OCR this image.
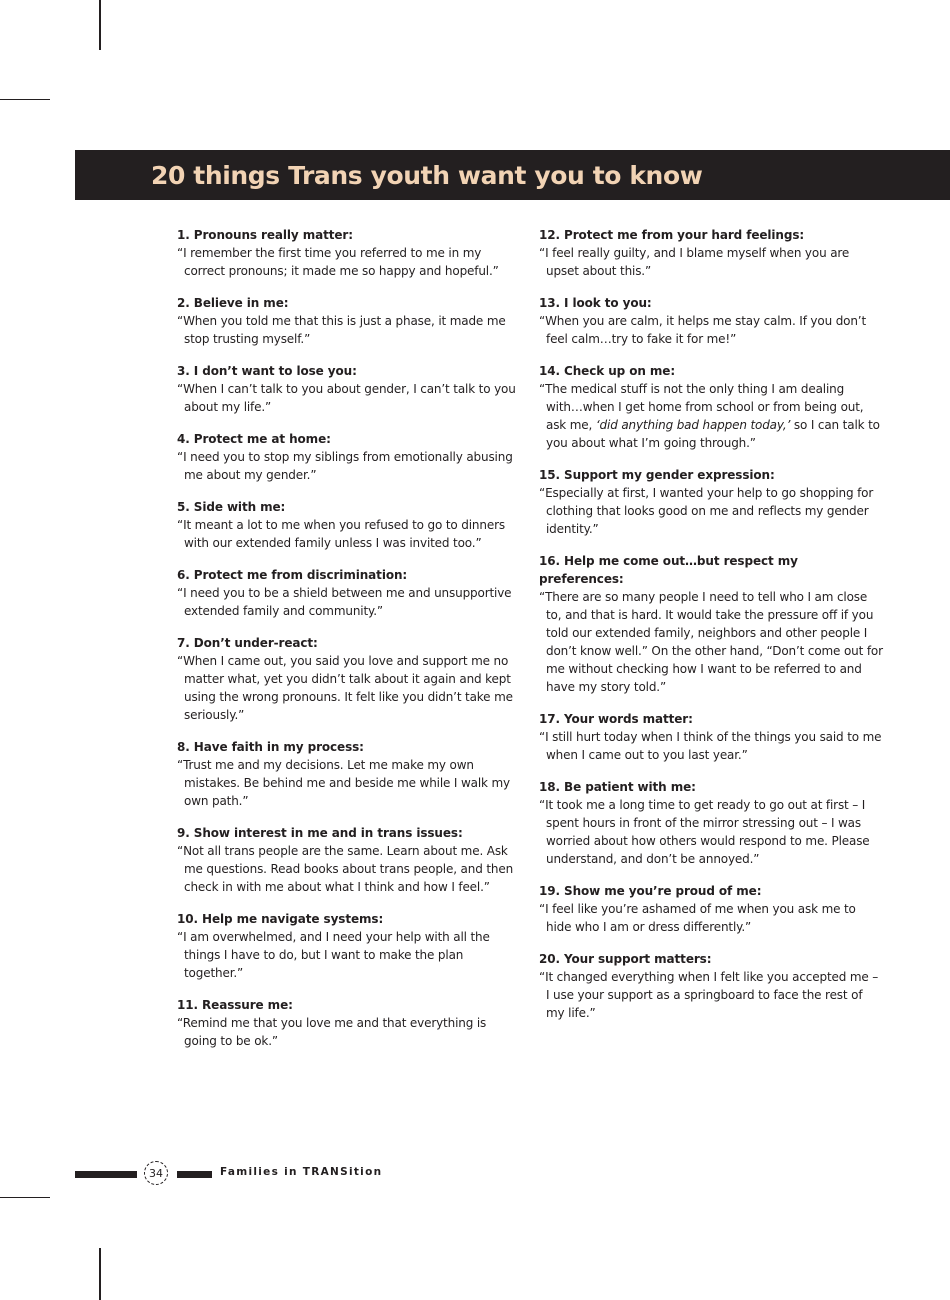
20 things Trans youth want you to know
1. Pronouns really matter:
“I remember the first time you referred to me in my correct pronouns; it made me so happy and hopeful.”
2. Believe in me:
“When you told me that this is just a phase, it made me stop trusting myself.”
3. I don’t want to lose you:
“When I can’t talk to you about gender, I can’t talk to you about my life.”
4. Protect me at home:
“I need you to stop my siblings from emotionally abusing me about my gender.”
5. Side with me:
“It meant a lot to me when you refused to go to dinners with our extended family unless I was invited too.”
6. Protect me from discrimination:
“I need you to be a shield between me and unsupportive extended family and community.”
7. Don’t under-react:
“When I came out, you said you love and support me no matter what, yet you didn’t talk about it again and kept using the wrong pronouns. It felt like you didn’t take me seriously.”
8. Have faith in my process:
“Trust me and my decisions. Let me make my own mistakes. Be behind me and beside me while I walk my own path.”
9. Show interest in me and in trans issues:
“Not all trans people are the same. Learn about me. Ask me questions. Read books about trans people, and then check in with me about what I think and how I feel.”
10. Help me navigate systems:
“I am overwhelmed, and I need your help with all the things I have to do, but I want to make the plan together.”
11. Reassure me:
“Remind me that you love me and that everything is going to be ok.”
12. Protect me from your hard feelings:
“I feel really guilty, and I blame myself when you are upset about this.”
13. I look to you:
“When you are calm, it helps me stay calm. If you don’t feel calm…try to fake it for me!”
14. Check up on me:
“The medical stuff is not the only thing I am dealing with…when I get home from school or from being out, ask me, ‘did anything bad happen today,’ so I can talk to you about what I’m going through.”
15. Support my gender expression:
“Especially at first, I wanted your help to go shopping for clothing that looks good on me and reflects my gender identity.”
16. Help me come out…but respect my preferences:
“There are so many people I need to tell who I am close to, and that is hard. It would take the pressure off if you told our extended family, neighbors and other people I don’t know well.” On the other hand, “Don’t come out for me without checking how I want to be referred to and have my story told.”
17. Your words matter:
“I still hurt today when I think of the things you said to me when I came out to you last year.”
18. Be patient with me:
“It took me a long time to get ready to go out at first – I spent hours in front of the mirror stressing out – I was worried about how others would respond to me. Please understand, and don’t be annoyed.”
19. Show me you’re proud of me:
“I feel like you’re ashamed of me when you ask me to hide who I am or dress differently.”
20. Your support matters:
“It changed everything when I felt like you accepted me – I use your support as a springboard to face the rest of my life.”
34	Families in TRANSition
